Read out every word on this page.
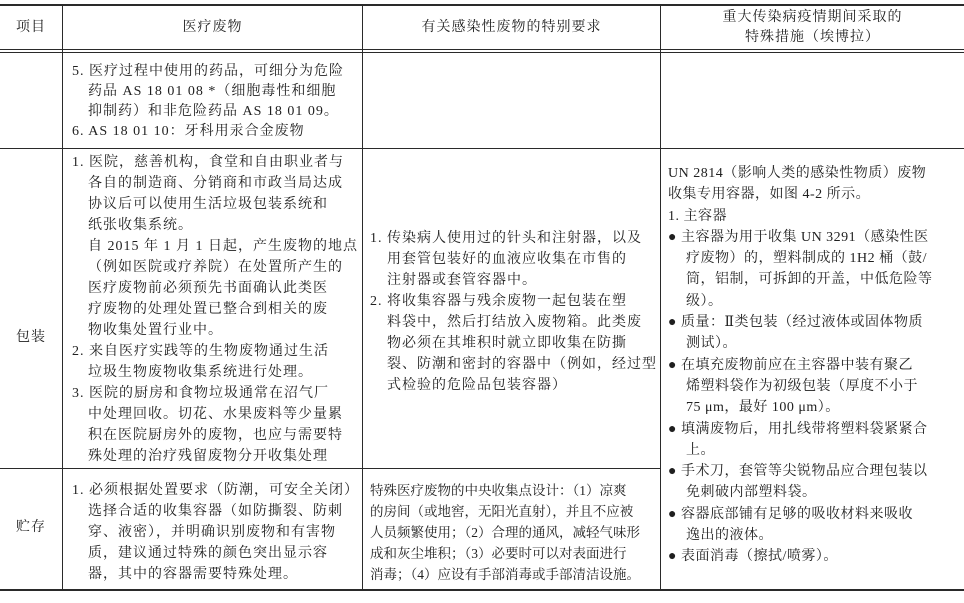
项目	医疗废物	有关感染性废物的特别要求
重大传染病疫情期间采取的
特殊措施（埃博拉）
5. 医疗过程中使用的药品，可细分为危险
药品 AS 18 01 08 *（细胞毒性和细胞
抑制药）和非危险药品 AS 18 01 09。
6. AS 18 01 10：牙科用汞合金废物
包装
1. 医院，慈善机构，食堂和自由职业者与
各自的制造商、分销商和市政当局达成
协议后可以使用生活垃圾包装系统和
纸张收集系统。
自 2015 年 1 月 1 日起，产生废物的地点
（例如医院或疗养院）在处置所产生的
医疗废物前必须预先书面确认此类医
疗废物的处理处置已整合到相关的废
物收集处置行业中。
2. 来自医疗实践等的生物废物通过生活
垃圾生物废物收集系统进行处理。
3. 医院的厨房和食物垃圾通常在沼气厂
中处理回收。切花、水果废料等少量累
积在医院厨房外的废物，也应与需要特
殊处理的治疗残留废物分开收集处理
1. 传染病人使用过的针头和注射器，以及
用套管包装好的血液应收集在市售的
注射器或套管容器中。
2. 将收集容器与残余废物一起包装在塑
料袋中，然后打结放入废物箱。此类废
物必须在其堆积时就立即收集在防撕
裂、防潮和密封的容器中（例如，经过型
式检验的危险品包装容器）
贮存
1. 必须根据处置要求（防潮，可安全关闭）
选择合适的收集容器（如防撕裂、防刺
穿、液密），并明确识别废物和有害物
质，建议通过特殊的颜色突出显示容
器，其中的容器需要特殊处理。
特殊医疗废物的中央收集点设计：（1）凉爽
的房间（或地窖，无阳光直射），并且不应被
人员频繁使用；（2）合理的通风，减轻气味形
成和灰尘堆积；（3）必要时可以对表面进行
消毒；（4）应设有手部消毒或手部清洁设施。
UN 2814（影响人类的感染性物质）废物
收集专用容器，如图 4-2 所示。
1. 主容器
● 主容器为用于收集 UN 3291（感染性医
疗废物）的，塑料制成的 1H2 桶（鼓/
筒，铝制，可拆卸的开盖，中低危险等
级）。
● 质量：Ⅱ类包装（经过液体或固体物质
测试）。
● 在填充废物前应在主容器中装有聚乙
烯塑料袋作为初级包装（厚度不小于
75 μm，最好 100 μm）。
● 填满废物后，用扎线带将塑料袋紧紧合
上。
● 手术刀，套管等尖锐物品应合理包装以
免刺破内部塑料袋。
● 容器底部铺有足够的吸收材料来吸收
逸出的液体。
● 表面消毒（擦拭/喷雾）。
